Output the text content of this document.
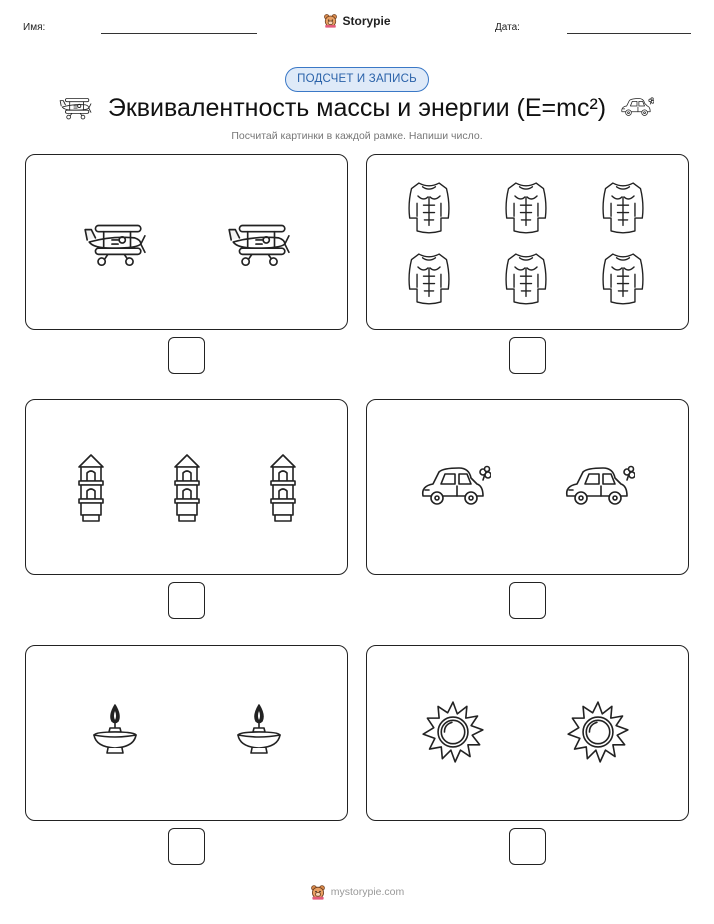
Имя:	Storypie	Дата:
ПОДСЧЕТ И ЗАПИСЬ
Эквивалентность массы и энергии (E=mc²)
Посчитай картинки в каждой рамке. Напиши число.
mystorypie.com
